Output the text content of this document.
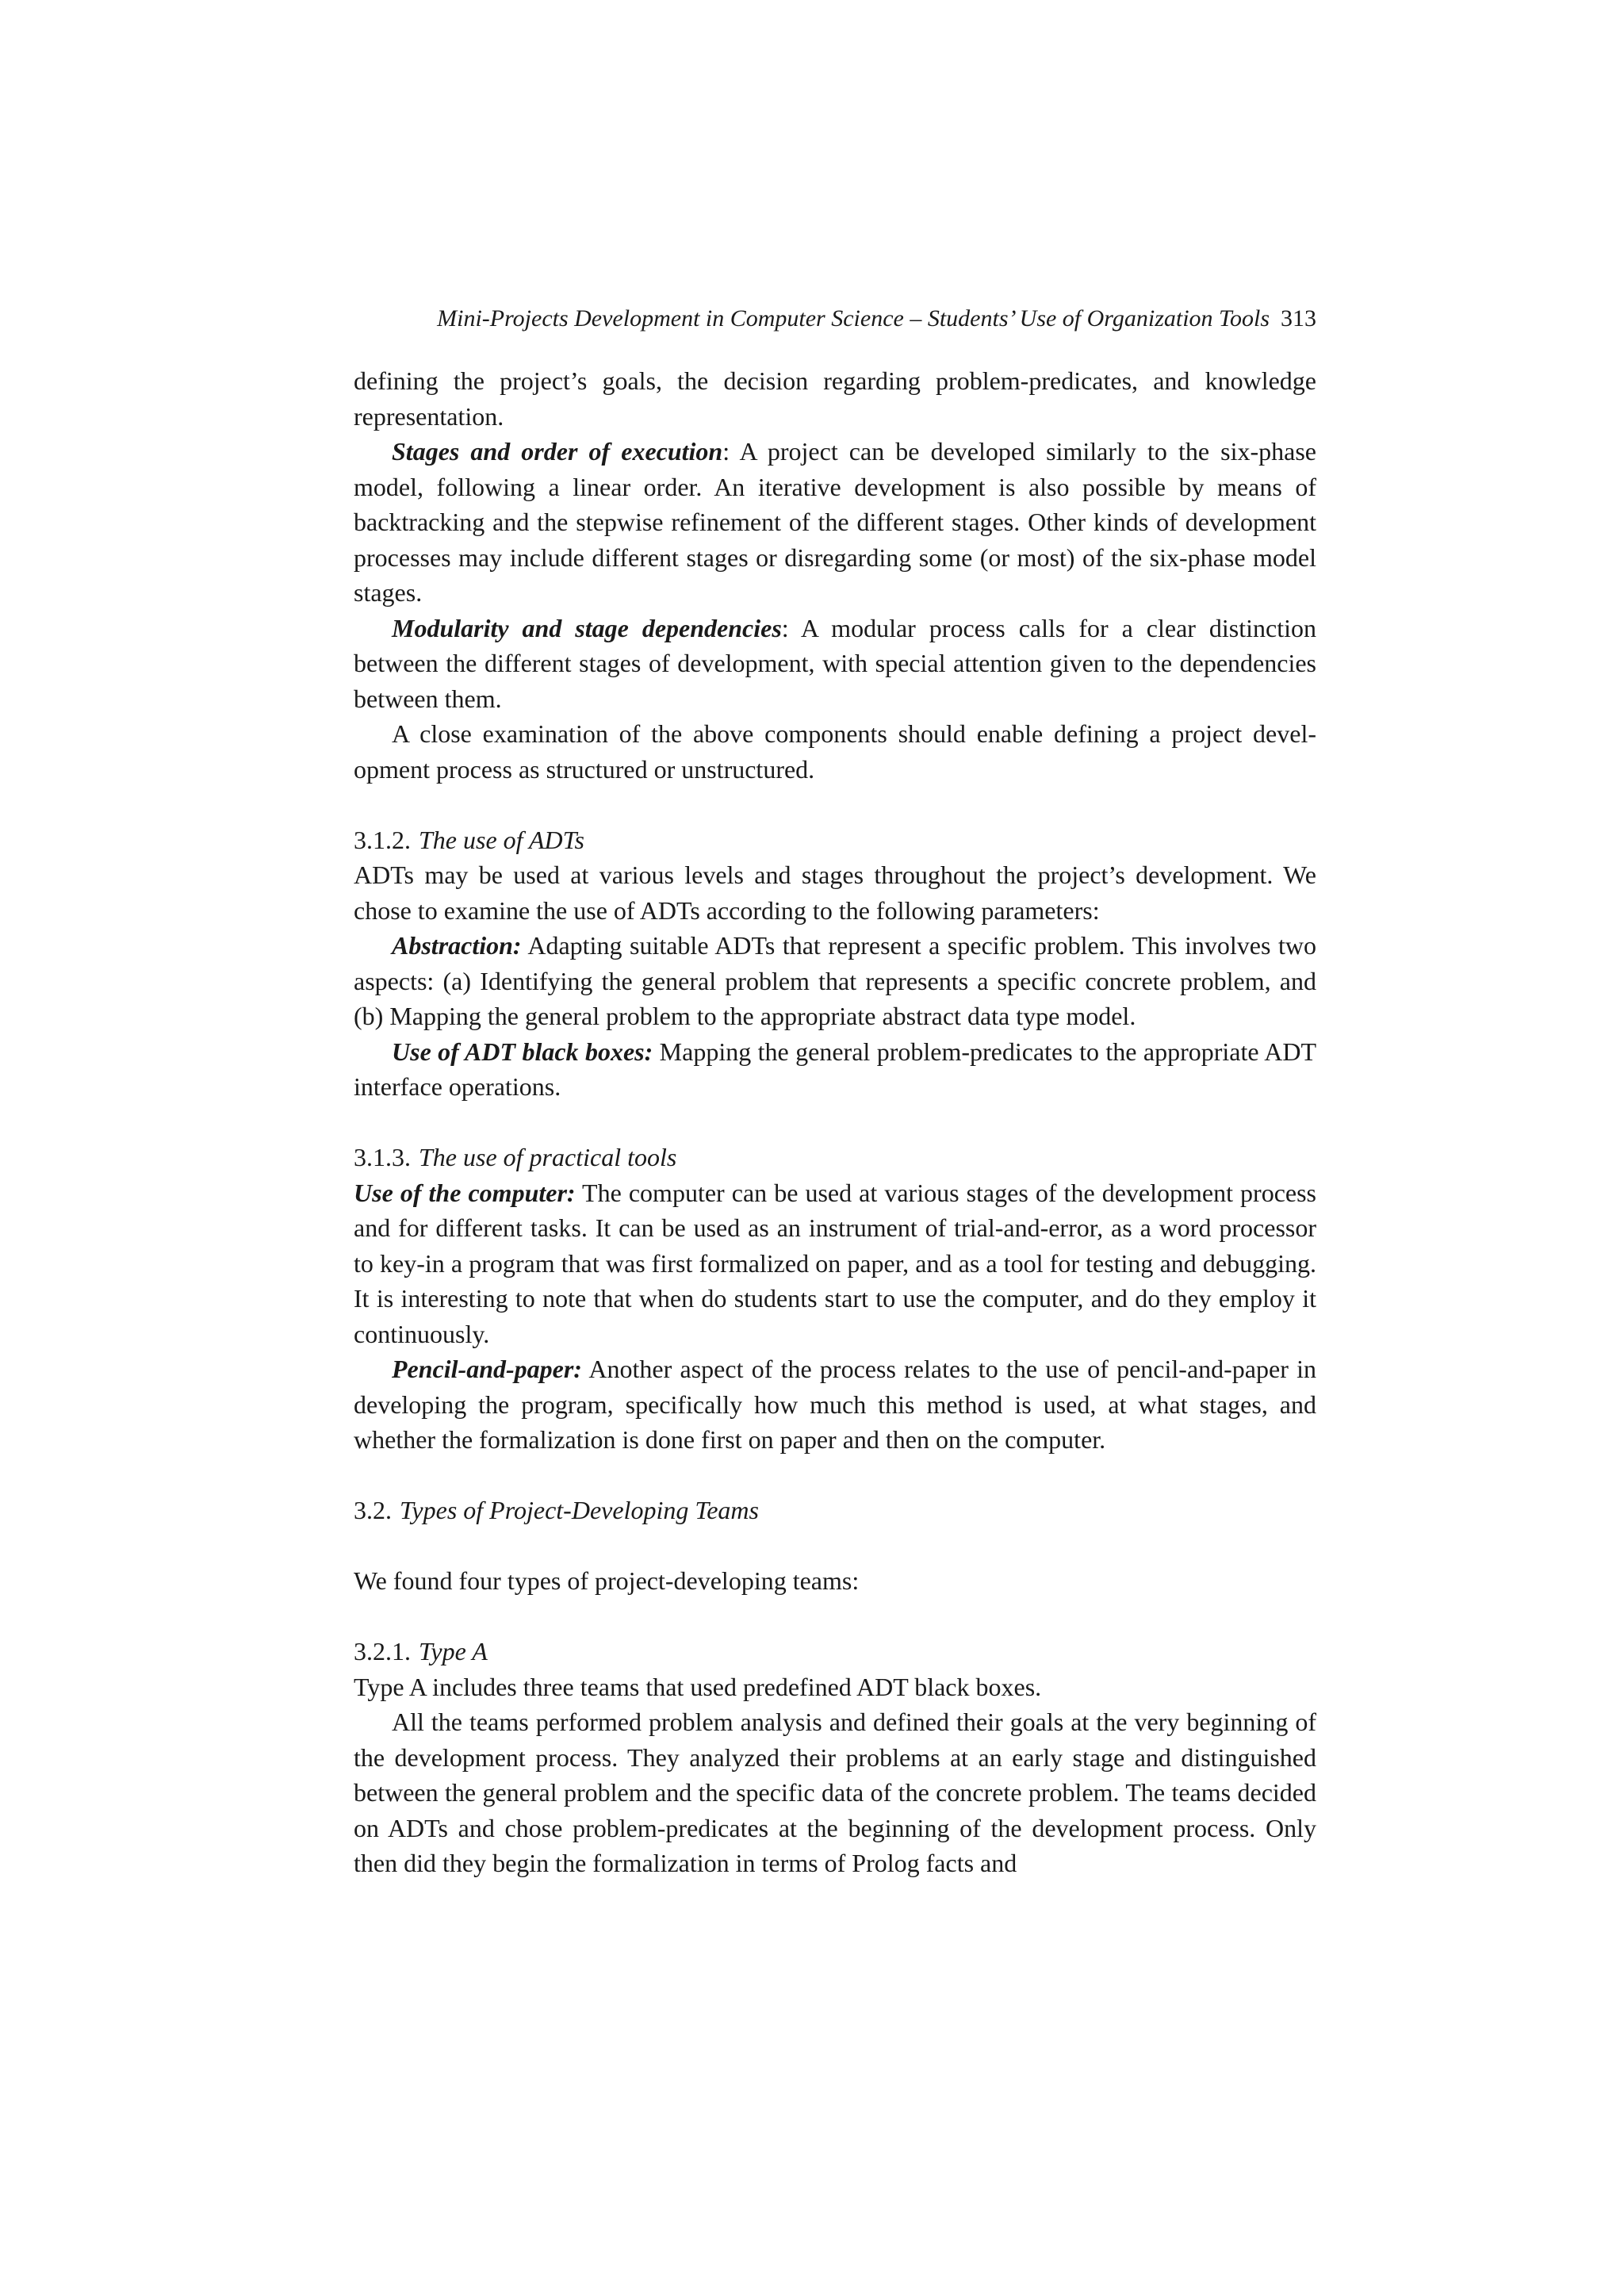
Mini-Projects Development in Computer Science – Students’ Use of Organization Tools 313

defining the project’s goals, the decision regarding problem-predicates, and knowledge representation.

Stages and order of execution: A project can be developed similarly to the six-phase model, following a linear order. An iterative development is also possible by means of backtracking and the stepwise refinement of the different stages. Other kinds of development processes may include different stages or disregarding some (or most) of the six-phase model stages.

Modularity and stage dependencies: A modular process calls for a clear distinction between the different stages of development, with special attention given to the dependencies between them.

A close examination of the above components should enable defining a project development process as structured or unstructured.

3.1.2. The use of ADTs

ADTs may be used at various levels and stages throughout the project’s development. We chose to examine the use of ADTs according to the following parameters:

Abstraction: Adapting suitable ADTs that represent a specific problem. This involves two aspects: (a) Identifying the general problem that represents a specific concrete problem, and (b) Mapping the general problem to the appropriate abstract data type model.

Use of ADT black boxes: Mapping the general problem-predicates to the appropriate ADT interface operations.

3.1.3. The use of practical tools

Use of the computer: The computer can be used at various stages of the development process and for different tasks. It can be used as an instrument of trial-and-error, as a word processor to key-in a program that was first formalized on paper, and as a tool for testing and debugging. It is interesting to note that when do students start to use the computer, and do they employ it continuously.

Pencil-and-paper: Another aspect of the process relates to the use of pencil-and-paper in developing the program, specifically how much this method is used, at what stages, and whether the formalization is done first on paper and then on the computer.

3.2. Types of Project-Developing Teams

We found four types of project-developing teams:

3.2.1. Type A

Type A includes three teams that used predefined ADT black boxes.

All the teams performed problem analysis and defined their goals at the very beginning of the development process. They analyzed their problems at an early stage and distinguished between the general problem and the specific data of the concrete problem. The teams decided on ADTs and chose problem-predicates at the beginning of the development process. Only then did they begin the formalization in terms of Prolog facts and
